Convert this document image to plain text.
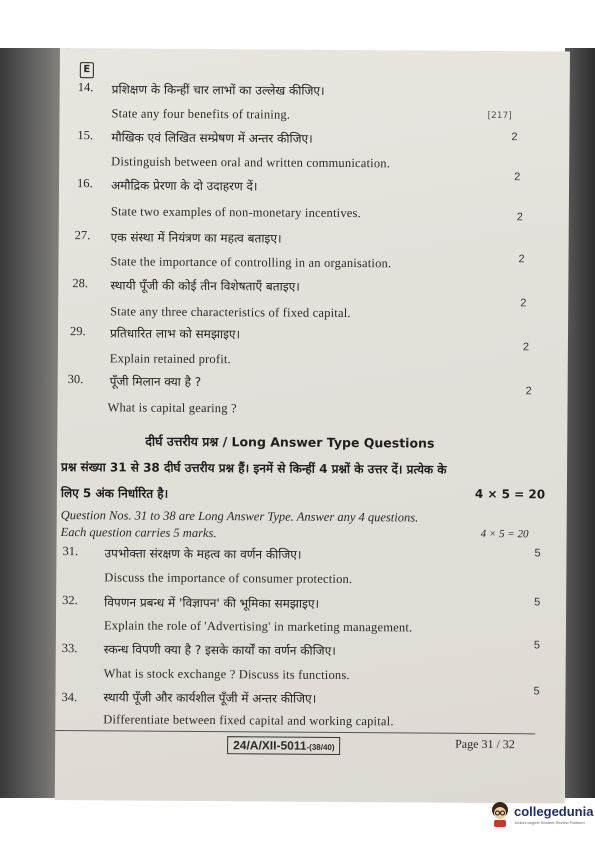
E
[217]
14. प्रशिक्षण के किन्हीं चार लाभों का उल्लेख कीजिए।
State any four benefits of training.
2
15. मौखिक एवं लिखित सम्प्रेषण में अन्तर कीजिए।
Distinguish between oral and written communication.
2
16. अमौद्रिक प्रेरणा के दो उदाहरण दें।
State two examples of non-monetary incentives.	2
27. एक संस्था में नियंत्रण का महत्व बताइए।
State the importance of controlling in an organisation.	2
28. स्थायी पूँजी की कोई तीन विशेषताएँ बताइए।
State any three characteristics of fixed capital.
2
29. प्रतिधारित लाभ को समझाइए।
Explain retained profit.
2
30. पूँजी मिलान क्या है ?
What is capital gearing ?
2
दीर्घ उत्तरीय प्रश्न / Long Answer Type Questions
प्रश्न संख्या 31 से 38 दीर्घ उत्तरीय प्रश्न हैं। इनमें से किन्हीं 4 प्रश्नों के उत्तर दें। प्रत्येक के
लिए 5 अंक निर्धारित है।	4 × 5 = 20
Question Nos. 31 to 38 are Long Answer Type. Answer any 4 questions.
Each question carries 5 marks.	4 × 5 = 20
31. उपभोक्ता संरक्षण के महत्व का वर्णन कीजिए।
Discuss the importance of consumer protection.
5
32. विपणन प्रबन्ध में 'विज्ञापन' की भूमिका समझाइए।
Explain the role of 'Advertising' in marketing management.
5
33. स्कन्ध विपणी क्या है ? इसके कार्यों का वर्णन कीजिए।
What is stock exchange ? Discuss its functions.
5
34. स्थायी पूँजी और कार्यशील पूँजी में अन्तर कीजिए।
Differentiate between fixed capital and working capital.
5
24/A/XII-5011-(38/40)	Page 31 / 32
collegedunia
India's largest Student Review Platform
